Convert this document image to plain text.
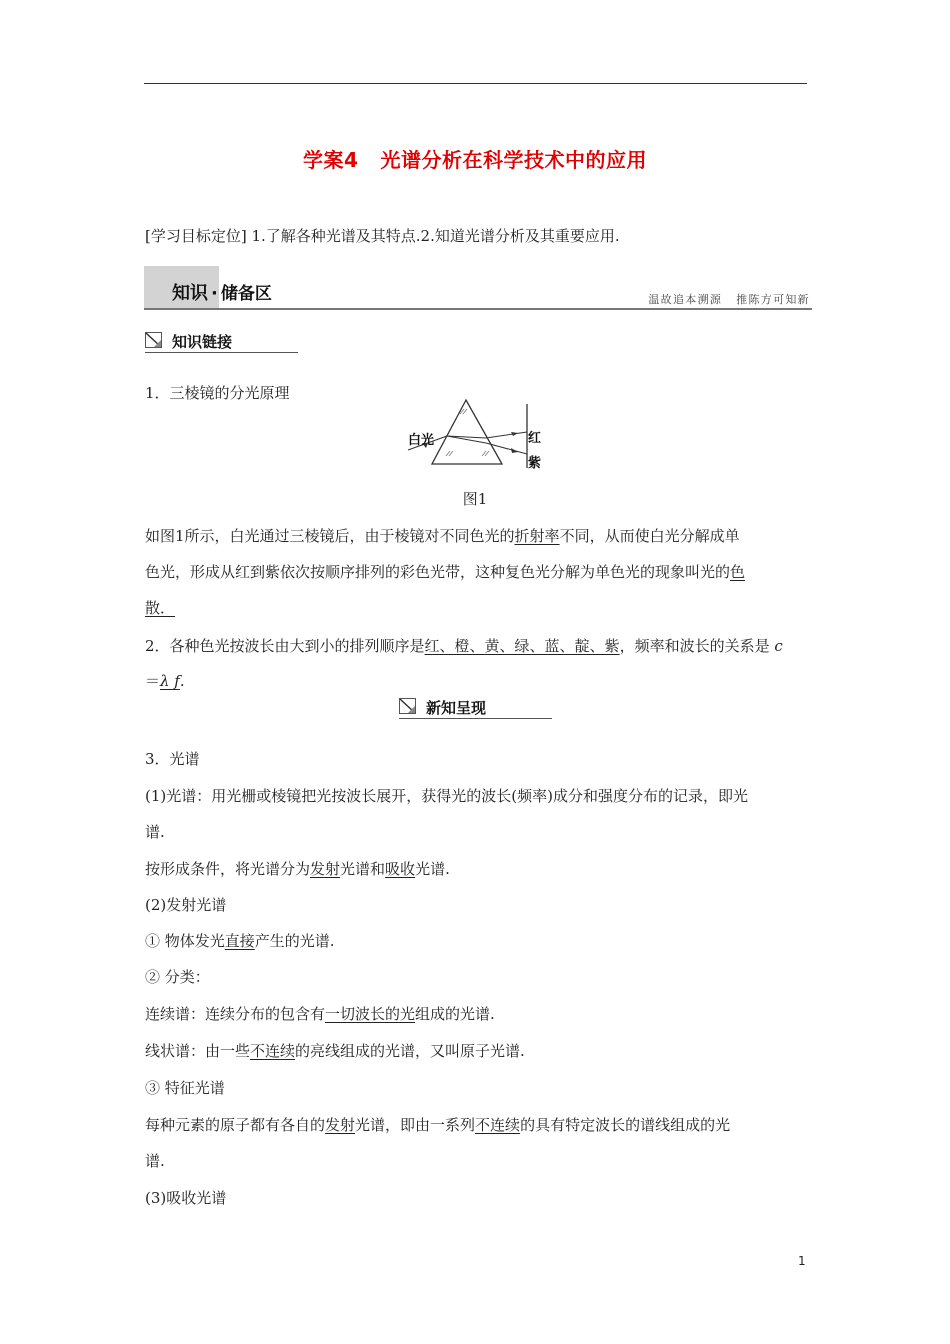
学案4 光谱分析在科学技术中的应用
[学习目标定位] 1.了解各种光谱及其特点.2.知道光谱分析及其重要应用.
知识 · 储备区	温故追本溯源 推陈方可知新
知识链接
1．三棱镜的分光原理
白光	红
紫
图1
如图1所示，白光通过三棱镜后，由于棱镜对不同色光的折射率不同，从而使白光分解成单
色光，形成从红到紫依次按顺序排列的彩色光带，这种复色光分解为单色光的现象叫光的色
散．
2．各种色光按波长由大到小的排列顺序是红、橙、黄、绿、蓝、靛、紫，频率和波长的关系是 c
＝λ f.
新知呈现
3．光谱
(1)光谱：用光栅或棱镜把光按波长展开，获得光的波长(频率)成分和强度分布的记录，即光
谱.
按形成条件，将光谱分为发射光谱和吸收光谱.
(2)发射光谱
① 物体发光直接产生的光谱.
② 分类：
连续谱：连续分布的包含有一切波长的光组成的光谱.
线状谱：由一些不连续的亮线组成的光谱，又叫原子光谱.
③ 特征光谱
每种元素的原子都有各自的发射光谱，即由一系列不连续的具有特定波长的谱线组成的光
谱.
(3)吸收光谱
1
